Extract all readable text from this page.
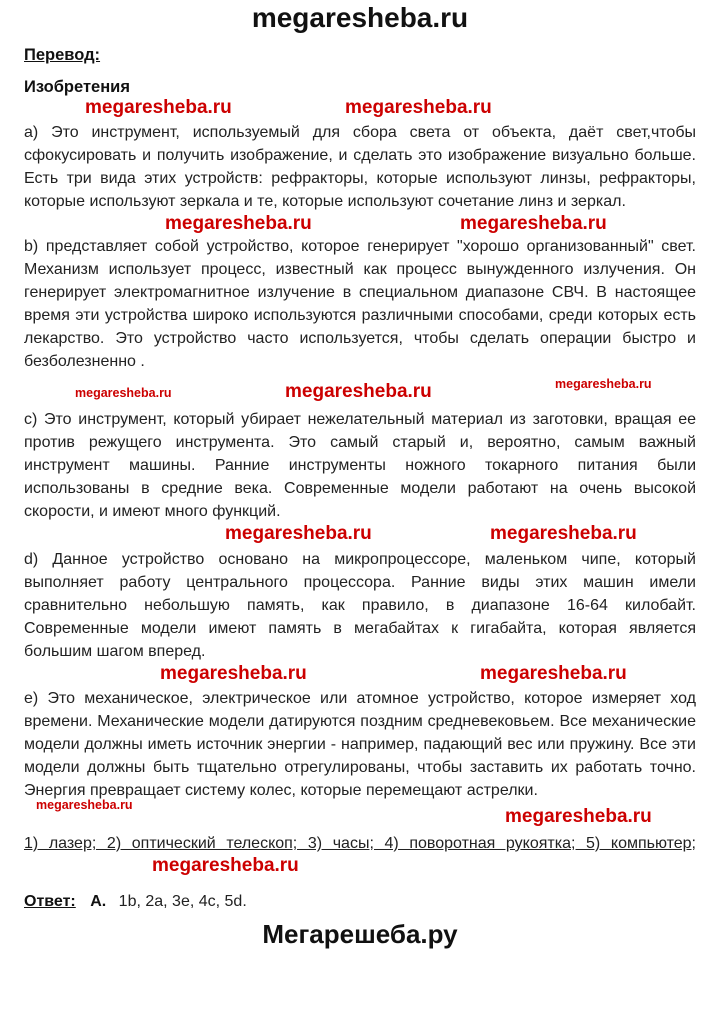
megaresheba.ru
Перевод:
Изобретения
megaresheba.ru	megaresheba.ru

a) Это инструмент, используемый для сбора света от объекта, даёт свет,чтобы сфокусировать и получить изображение, и сделать это изображение визуально больше. Есть три вида этих устройств: рефракторы, которые используют линзы, рефракторы, которые используют зеркала и те, которые используют сочетание линз и зеркал.

megaresheba.ru	megaresheba.ru

b) представляет собой устройство, которое генерирует "хорошо организованный" свет. Механизм использует процесс, известный как процесс вынужденного излучения. Он генерирует электромагнитное излучение в специальном диапазоне СВЧ. В настоящее время эти устройства широко используются различными способами, среди которых есть лекарство. Это устройство часто используется, чтобы сделать операции быстро и безболезненно .
megaresheba.ru

megaresheba.ru	megaresheba.ru

c) Это инструмент, который убирает нежелательный материал из заготовки, вращая ее против режущего инструмента. Это самый старый и, вероятно, самым важный инструмент машины. Ранние инструменты ножного токарного питания были использованы в средние века. Современные модели работают на очень высокой скорости, и имеют много функций.

megaresheba.ru	megaresheba.ru

d) Данное устройство основано на микропроцессоре, маленьком чипе, который выполняет работу центрального процессора. Ранние виды этих машин имели сравнительно небольшую память, как правило, в диапазоне 16-64 килобайт. Современные модели имеют память в мегабайтах к гигабайта, которая является большим шагом вперед.

megaresheba.ru	megaresheba.ru

e) Это механическое, электрическое или атомное устройство, которое измеряет ход времени. Механические модели датируются поздним средневековьем. Все механические модели должны иметь источник энергии - например, падающий вес или пружину. Все эти модели должны быть тщательно отрегулированы, чтобы заставить их работать точно. Энергия превращает систему колес, которые перемещают астрелки.
megaresheba.ru

megaresheba.ru

1) лазер; 2) оптический телескоп; 3) часы; 4) поворотная рукоятка; 5) компьютер; megaresheba.ru

Ответ: А. 1b, 2a, 3e, 4c, 5d.

Мегарешеба.ру
